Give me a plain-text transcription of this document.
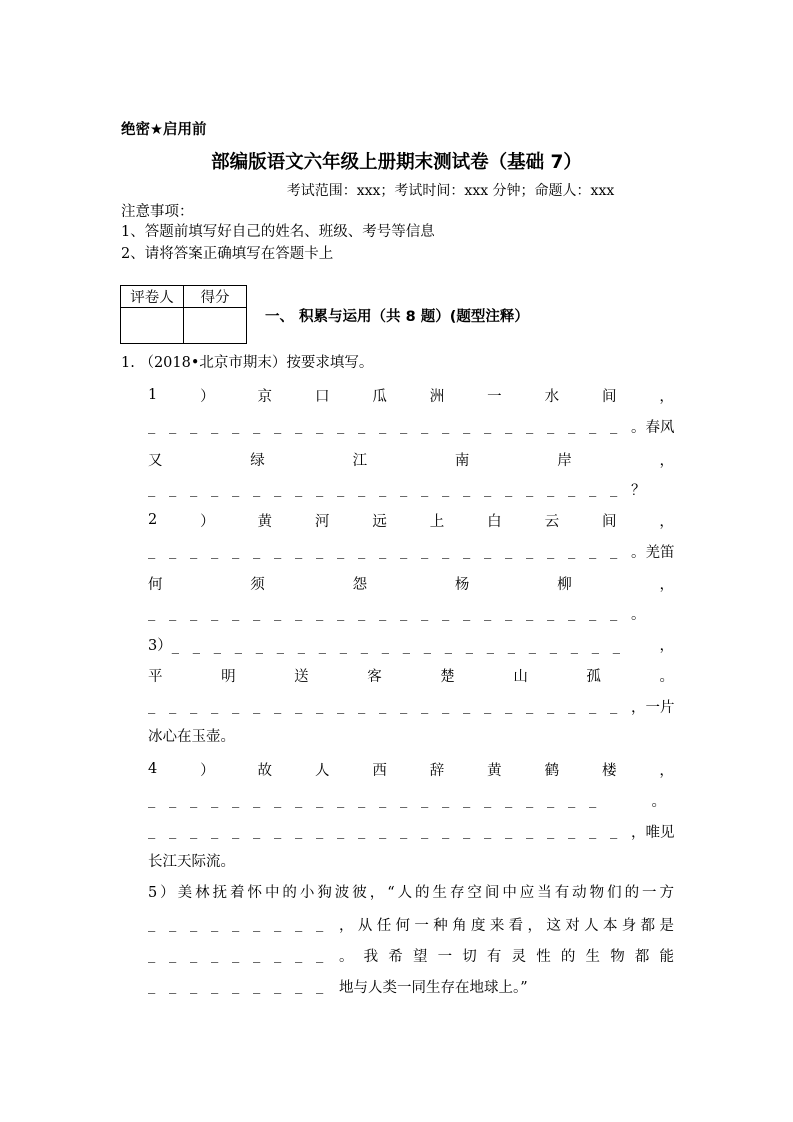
绝密★启用前
部编版语文六年级上册期末测试卷（基础 7）
考试范围：xxx；考试时间：xxx 分钟；命题人：xxx
注意事项：
1、答题前填写好自己的姓名、班级、考号等信息
2、请将答案正确填写在答题卡上
评卷人	得分

一、 积累与运用（共 8 题）(题型注释）
1. （2018•北京市期末）按要求填写。
1	）	京	口	瓜	洲	一	水	间	，
_ _ _ _ _ _ _ _ _ _ _ _ _ _ _ _ _ _ _ _ _ _ _ 。春风
又	绿	江	南	岸	，
_ _ _ _ _ _ _ _ _ _ _ _ _ _ _ _ _ _ _ _ _ _ _ ？
2	）	黄	河	远	上	白	云	间	，
_ _ _ _ _ _ _ _ _ _ _ _ _ _ _ _ _ _ _ _ _ _ _ 。羌笛
何	须	怨	杨	柳	，
_ _ _ _ _ _ _ _ _ _ _ _ _ _ _ _ _ _ _ _ _ _ _ 。
3） _ _ _ _ _ _ _ _ _ _ _ _ _ _ _ _ _ _ _ _ _ _	，
平	明	送	客	楚	山	孤	。
_ _ _ _ _ _ _ _ _ _ _ _ _ _ _ _ _ _ _ _ _ _ _ ，一片
冰心在玉壶。
4	）	故	人	西	辞	黄	鹤	楼	，
_ _ _ _ _ _ _ _ _ _ _ _ _ _ _ _ _ _ _ _ _ _	。
_ _ _ _ _ _ _ _ _ _ _ _ _ _ _ _ _ _ _ _ _ _ _ ，唯见
长江天际流。
5）美林抚着怀中的小狗波彼，“人的生存空间中应当有动物们的一方
_ _ _ _ _ _ _ _ _	，从任何一种角度来看，这对人本身都是
_ _ _ _ _ _ _ _ _	。我希望一切有灵性的生物都能
_ _ _ _ _ _ _ _ _	地与人类一同生存在地球上。”
